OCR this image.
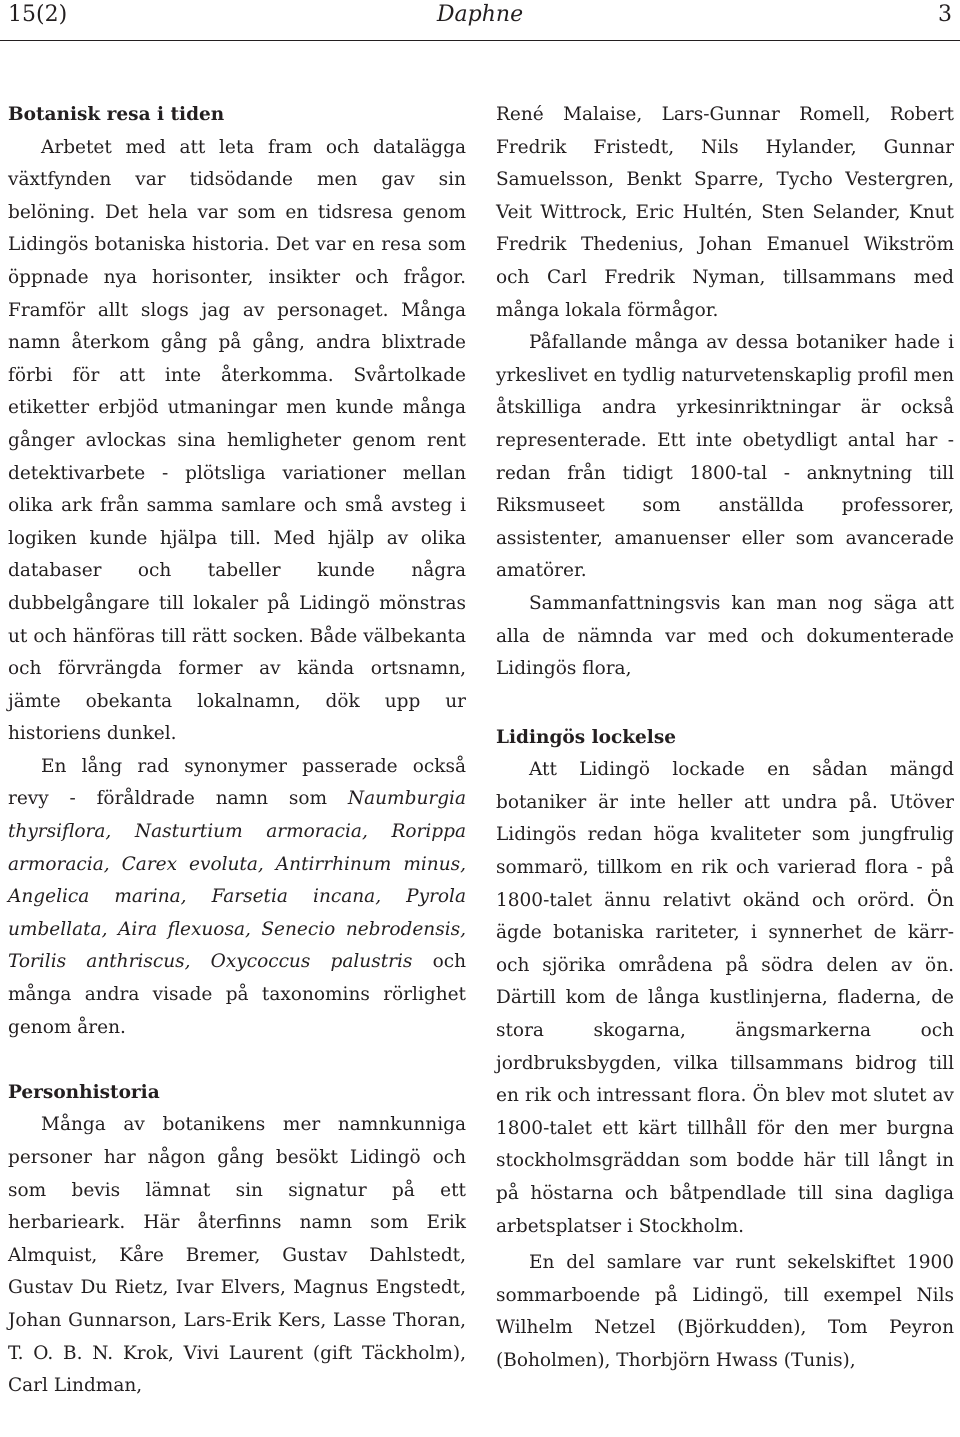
15(2)	Daphne	3
Botanisk resa i tiden

Arbetet med att leta fram och datalägga växtfynden var tidsödande men gav sin belöning. Det hela var som en tidsresa genom Lidingös botaniska historia. Det var en resa som öppnade nya horisonter, insikter och frågor. Framför allt slogs jag av personaget. Många namn återkom gång på gång, andra blixtrade förbi för att inte återkomma. Svårtolkade etiketter erbjöd utmaningar men kunde många gånger avlockas sina hemligheter genom rent detektivarbete - plötsliga variationer mellan olika ark från samma samlare och små avsteg i logiken kunde hjälpa till. Med hjälp av olika databaser och tabeller kunde några dubbelgångare till lokaler på Lidingö mönstras ut och hänföras till rätt socken. Både välbekanta och förvrängda former av kända ortsnamn, jämte obekanta lokalnamn, dök upp ur historiens dunkel.

En lång rad synonymer passerade också revy - föråldrade namn som Naumburgia thyrsiflora, Nasturtium armoracia, Rorippa armoracia, Carex evoluta, Antirrhinum minus, Angelica marina, Farsetia incana, Pyrola umbellata, Aira flexuosa, Senecio nebrodensis, Torilis anthriscus, Oxycoccus palustris och många andra visade på taxonomins rörlighet genom åren.

Personhistoria

Många av botanikens mer namnkunniga personer har någon gång besökt Lidingö och som bevis lämnat sin signatur på ett herbarieark. Här återfinns namn som Erik Almquist, Kåre Bremer, Gustav Dahlstedt, Gustav Du Rietz, Ivar Elvers, Magnus Engstedt, Johan Gunnarson, Lars-Erik Kers, Lasse Thoran, T. O. B. N. Krok, Vivi Laurent (gift Täckholm), Carl Lindman,

René Malaise, Lars-Gunnar Romell, Robert Fredrik Fristedt, Nils Hylander, Gunnar Samuelsson, Benkt Sparre, Tycho Vestergren, Veit Wittrock, Eric Hultén, Sten Selander, Knut Fredrik Thedenius, Johan Emanuel Wikström och Carl Fredrik Nyman, tillsammans med många lokala förmågor.

Påfallande många av dessa botaniker hade i yrkeslivet en tydlig naturvetenskaplig profil men åtskilliga andra yrkesinriktningar är också representerade. Ett inte obetydligt antal har - redan från tidigt 1800-tal - anknytning till Riksmuseet som anställda professorer, assistenter, amanuenser eller som avancerade amatörer.

Sammanfattningsvis kan man nog säga att alla de nämnda var med och dokumenterade Lidingös flora,

Lidingös lockelse

Att Lidingö lockade en sådan mängd botaniker är inte heller att undra på. Utöver Lidingös redan höga kvaliteter som jungfrulig sommarö, tillkom en rik och varierad flora - på 1800-talet ännu relativt okänd och orörd. Ön ägde botaniska rariteter, i synnerhet de kärr- och sjörika områdena på södra delen av ön. Därtill kom de långa kustlinjerna, fladerna, de stora skogarna, ängsmarkerna och jordbruksbygden, vilka tillsammans bidrog till en rik och intressant flora. Ön blev mot slutet av 1800-talet ett kärt tillhåll för den mer burgna stockholmsgräddan som bodde här till långt in på höstarna och båtpendlade till sina dagliga arbetsplatser i Stockholm.

En del samlare var runt sekelskiftet 1900 sommarboende på Lidingö, till exempel Nils Wilhelm Netzel (Björkudden), Tom Peyron (Boholmen), Thorbjörn Hwass (Tunis),
